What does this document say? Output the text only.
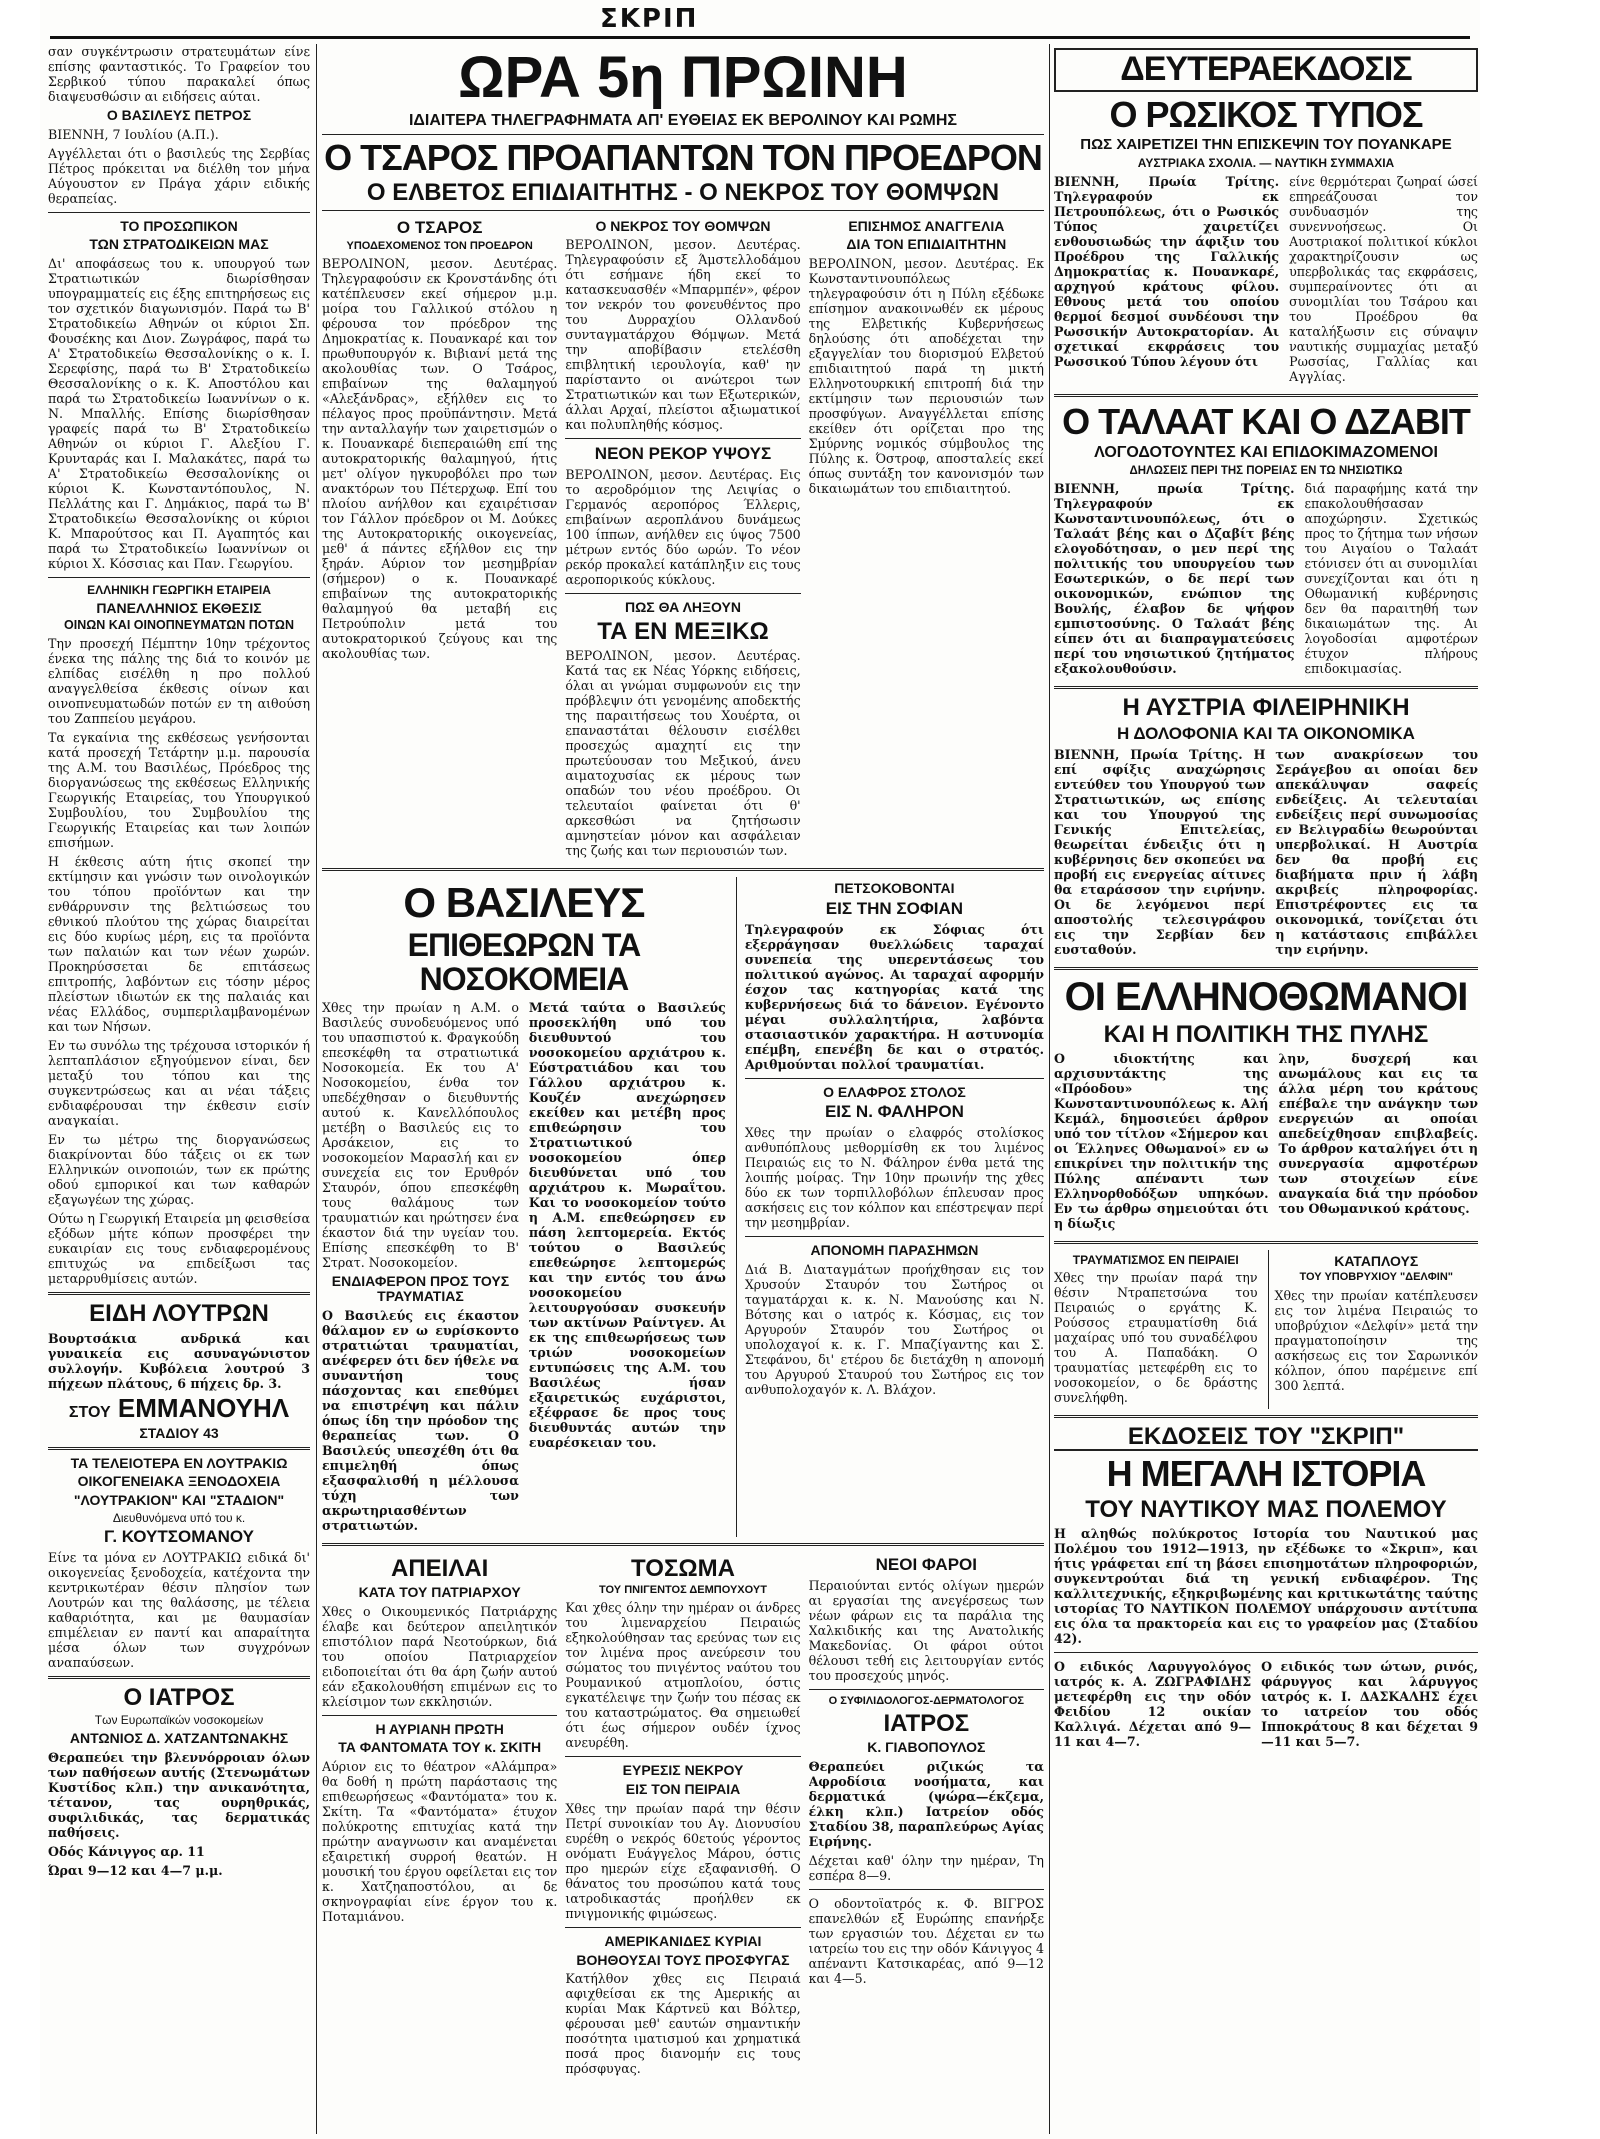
ΣΚΡΙΠ

σαν συγκέντρωσιν στρατευμάτων είνε επίσης φανταστικός. Το Γραφείον του Σερβικού τύπου παρακαλεί όπως διαψευσθώσιν αι ειδήσεις αύται.

Ο ΒΑΣΙΛΕΥΣ ΠΕΤΡΟΣ

ΒΙΕΝΝΗ, 7 Ιουλίου (Α.Π.).

Αγγέλλεται ότι ο βασιλεύς της Σερβίας Πέτρος πρόκειται να διέλθη τον μήνα Αύγουστον εν Πράγα χάριν ειδικής θεραπείας.

ΤΟ ΠΡΟΣΩΠΙΚΟΝ
ΤΩΝ ΣΤΡΑΤΟΔΙΚΕΙΩΝ ΜΑΣ

Δι' αποφάσεως του κ. υπουργού των Στρατιωτικών διωρίσθησαν υπογραμματείς εις έξης επιτηρήσεως εις τον σχετικόν διαγωνισμόν. Παρά τω Β' Στρατοδικείω Αθηνών οι κύριοι Σπ. Φουσέκης και Διον. Ζωγράφος, παρά τω Α' Στρατοδικείω Θεσσαλονίκης ο κ. Ι. Σερεφίσης, παρά τω Β' Στρατοδικείω Θεσσαλονίκης ο κ. Κ. Αποστόλου και παρά τω Στρατοδικείω Ιωαννίνων ο κ. Ν. Μπαλλής. Επίσης διωρίσθησαν γραφείς παρά τω Β' Στρατοδικείω Αθηνών οι κύριοι Γ. Αλεξίου Γ. Κρυνταράς και Ι. Μαλακάτες, παρά τω Α' Στρατοδικείω Θεσσαλονίκης οι κύριοι Κ. Κωνσταντόπουλος, Ν. Πελλάτης και Γ. Δημάκιος, παρά τω Β' Στρατοδικείω Θεσσαλονίκης οι κύριοι Κ. Μπαρούτσος και Π. Αγαπητός και παρά τω Στρατοδικείω Ιωαννίνων οι κύριοι Χ. Κόσσιας και Παν. Γεωργίου.

ΕΛΛΗΝΙΚΗ ΓΕΩΡΓΙΚΗ ΕΤΑΙΡΕΙΑ
ΠΑΝΕΛΛΗΝΙΟΣ ΕΚΘΕΣΙΣ
ΟΙΝΩΝ ΚΑΙ ΟΙΝΟΠΝΕΥΜΑΤΩΝ ΠΟΤΩΝ

Την προσεχή Πέμπτην 10ην τρέχοντος ένεκα της πάλης της διά το κοινόν με ελπίδας εισέλθη η προ πολλού αναγγελθείσα έκθεσις οίνων και οινοπνευματωδών ποτών εν τη αιθούση του Ζαππείου μεγάρου.

Τα εγκαίνια της εκθέσεως γενήσονται κατά προσεχή Τετάρτην μ.μ. παρουσία της Α.Μ. του Βασιλέως, Πρόεδρος της διοργανώσεως της εκθέσεως Ελληνικής Γεωργικής Εταιρείας, του Υπουργικού Συμβουλίου, του Συμβουλίου της Γεωργικής Εταιρείας και των λοιπών επισήμων.

Η έκθεσις αύτη ήτις σκοπεί την εκτίμησιν και γνώσιν των οινολογικών του τόπου προϊόντων και την ενθάρρυνσιν της βελτιώσεως του εθνικού πλούτου της χώρας διαιρείται εις δύο κυρίως μέρη, εις τα προϊόντα των παλαιών και των νέων χωρών. Προκηρύσσεται δε επιτάσεως επιτροπής, λαβόντων εις τόσην μέρος πλείστων ιδιωτών εκ της παλαιάς και νέας Ελλάδος, συμπεριλαμβανομένων και των Νήσων.

Εν τω συνόλω της τρέχουσα ιστορικόν ή λεπταπλάσιον εξηγούμενον είναι, δεν μεταξύ του τόπου και της συγκεντρώσεως και αι νέαι τάξεις ενδιαφέρουσαι την έκθεσιν εισίν αναγκαίαι.

Εν τω μέτρω της διοργανώσεως διακρίνονται δύο τάξεις οι εκ των Ελληνικών οινοποιών, των εκ πρώτης οδού εμπορικοί και των καθαρών εξαγωγέων της χώρας.

Ούτω η Γεωργική Εταιρεία μη φεισθείσα εξόδων μήτε κόπων προσφέρει την ευκαιρίαν εις τους ενδιαφερομένους επιτυχώς να επιδείξωσι τας μεταρρυθμίσεις αυτών.

ΕΙΔΗ ΛΟΥΤΡΩΝ

Βουρτσάκια ανδρικά και γυναικεία εις ασυναγώνιστον συλλογήν. Κυβόλεια λουτρού 3 πήχεων πλάτους, 6 πήχεις δρ. 3.

ΣΤΟΥ ΕΜΜΑΝΟΥΗΛ
ΣΤΑΔΙΟΥ 43
ΤΑ ΤΕΛΕΙΟΤΕΡΑ ΕΝ ΛΟΥΤΡΑΚΙΩ
ΟΙΚΟΓΕΝΕΙΑΚΑ ΞΕΝΟΔΟΧΕΙΑ
"ΛΟΥΤΡΑΚΙΟΝ" ΚΑΙ "ΣΤΑΔΙΟΝ"
Διευθυνόμενα υπό του κ.
Γ. ΚΟΥΤΣΟΜΑΝΟΥ

Είνε τα μόνα εν ΛΟΥΤΡΑΚΙΩ ειδικά δι' οικογενείας ξενοδοχεία, κατέχοντα την κεντρικωτέραν θέσιν πλησίον των Λουτρών και της θαλάσσης, με τέλεια καθαριότητα, και με θαυμασίαν επιμέλειαν εν παντί και απαραίτητα μέσα όλων των συγχρόνων αναπαύσεων.

Ο ΙΑΤΡΟΣ
Των Ευρωπαϊκών νοσοκομείων
ΑΝΤΩΝΙΟΣ Δ. ΧΑΤΖΑΝΤΩΝΑΚΗΣ

Θεραπεύει την βλεννόρροιαν όλων των παθήσεων αυτής (Στενωμάτων Κυστίδος κλπ.) την ανικανότητα, τέτανον, τας ουρηθρικάς, συφιλιδικάς, τας δερματικάς παθήσεις.

Οδός Κάνιγγος αρ. 11

Ώραι 9—12 και 4—7 μ.μ.

ΩΡΑ 5η ΠΡΩΙΝΗ
ΙΔΙΑΙΤΕΡΑ ΤΗΛΕΓΡΑΦΗΜΑΤΑ ΑΠ' ΕΥΘΕΙΑΣ ΕΚ ΒΕΡΟΛΙΝΟΥ ΚΑΙ ΡΩΜΗΣ
Ο ΤΣΑΡΟΣ ΠΡΟΑΠΑΝΤΩΝ ΤΟΝ ΠΡΟΕΔΡΟΝ
Ο ΕΛΒΕΤΟΣ ΕΠΙΔΙΑΙΤΗΤΗΣ - Ο ΝΕΚΡΟΣ ΤΟΥ ΘΟΜΨΩΝ
Ο ΤΣΑΡΟΣ
ΥΠΟΔΕΧΟΜΕΝΟΣ ΤΟΝ ΠΡΟΕΔΡΟΝ

ΒΕΡΟΛΙΝΟΝ, μεσον. Δευτέρας. Τηλεγραφούσιν εκ Κρονστάνδης ότι κατέπλευσεν εκεί σήμερον μ.μ. μοίρα του Γαλλικού στόλου η φέρουσα τον πρόεδρον της Δημοκρατίας κ. Πουανκαρέ και τον πρωθυπουργόν κ. Βιβιανί μετά της ακολουθίας των. Ο Τσάρος, επιβαίνων της θαλαμηγού «Αλεξάνδρας», εξήλθεν εις το πέλαγος προς προϋπάντησιν. Μετά την ανταλλαγήν των χαιρετισμών ο κ. Πουανκαρέ διεπεραιώθη επί της αυτοκρατορικής θαλαμηγού, ήτις μετ' ολίγον ηγκυροβόλει προ των ανακτόρων του Πέτερχωφ. Επί του πλοίου ανήλθον και εχαιρέτισαν τον Γάλλον πρόεδρον οι Μ. Δούκες της Αυτοκρατορικής οικογενείας, μεθ' ά πάντες εξήλθον εις την ξηράν. Αύριον τον μεσημβρίαν (σήμερον) ο κ. Πουανκαρέ επιβαίνων της αυτοκρατορικής θαλαμηγού θα μεταβή εις Πετρούπολιν μετά του αυτοκρατορικού ζεύγους και της ακολουθίας των.

Ο ΝΕΚΡΟΣ ΤΟΥ ΘΟΜΨΩΝ

ΒΕΡΟΛΙΝΟΝ, μεσον. Δευτέρας. Τηλεγραφούσιν εξ Άμστελλοδάμου ότι εσήμανε ήδη εκεί το κατασκευασθέν «Μπαρμπέν», φέρον τον νεκρόν του φονευθέντος προ του Δυρραχίου Ολλανδού συνταγματάρχου Θόμψων. Μετά την αποβίβασιν ετελέσθη επιβλητική ιερουλογία, καθ' ην παρίσταντο οι ανώτεροι των Στρατιωτικών και των Εξωτερικών, άλλαι Αρχαί, πλείστοι αξιωματικοί και πολυπληθής κόσμος.

ΝΕΟΝ ΡΕΚΟΡ ΥΨΟΥΣ

ΒΕΡΟΛΙΝΟΝ, μεσον. Δευτέρας. Εις το αεροδρόμιον της Λειψίας ο Γερμανός αεροπόρος Έλλερις, επιβαίνων αεροπλάνου δυνάμεως 100 ίππων, ανήλθεν εις ύψος 7500 μέτρων εντός δύο ωρών. Το νέον ρεκόρ προκαλεί κατάπληξιν εις τους αεροπορικούς κύκλους.

ΠΩΣ ΘΑ ΛΗΞΟΥΝ
ΤΑ ΕΝ ΜΕΞΙΚΩ

ΒΕΡΟΛΙΝΟΝ, μεσον. Δευτέρας. Κατά τας εκ Νέας Υόρκης ειδήσεις, όλαι αι γνώμαι συμφωνούν εις την πρόβλεψιν ότι γενομένης αποδεκτής της παραιτήσεως του Χουέρτα, οι επαναστάται θέλουσιν εισέλθει προσεχώς αμαχητί εις την πρωτεύουσαν του Μεξικού, άνευ αιματοχυσίας εκ μέρους των οπαδών του νέου προέδρου. Οι τελευταίοι φαίνεται ότι θ' αρκεσθώσι να ζητήσωσιν αμνηστείαν μόνον και ασφάλειαν της ζωής και των περιουσιών των.

ΕΠΙΣΗΜΟΣ ΑΝΑΓΓΕΛΙΑ
ΔΙΑ ΤΟΝ ΕΠΙΔΙΑΙΤΗΤΗΝ

ΒΕΡΟΛΙΝΟΝ, μεσον. Δευτέρας. Εκ Κωνσταντινουπόλεως τηλεγραφούσιν ότι η Πύλη εξέδωκε επίσημον ανακοινωθέν εκ μέρους της Ελβετικής Κυβερνήσεως δηλούσης ότι αποδέχεται την εξαγγελίαν του διορισμού Ελβετού επιδιαιτητού παρά τη μικτή Ελληνοτουρκική επιτροπή διά την εκτίμησιν των περιουσιών των προσφύγων. Αναγγέλλεται επίσης εκείθεν ότι ορίζεται προ της Σμύρνης νομικός σύμβουλος της Πύλης κ. Όστροφ, αποσταλείς εκεί όπως συντάξη τον κανονισμόν των δικαιωμάτων του επιδιαιτητού.

Ο ΒΑΣΙΛΕΥΣ
ΕΠΙΘΕΩΡΩΝ ΤΑ ΝΟΣΟΚΟΜΕΙΑ

Χθες την πρωίαν η Α.Μ. ο Βασιλεύς συνοδευόμενος υπό του υπασπιστού κ. Φραγκούδη επεσκέφθη τα στρατιωτικά Νοσοκομεία. Εκ του Α' Νοσοκομείου, ένθα τον υπεδέχθησαν ο διευθυντής αυτού κ. Κανελλόπουλος μετέβη ο Βασιλεύς εις το Αρσάκειον, εις το νοσοκομείον Μαρασλή και εν συνεχεία εις τον Ερυθρόν Σταυρόν, όπου επεσκέφθη τους θαλάμους των τραυματιών και ηρώτησεν ένα έκαστον διά την υγείαν του. Επίσης επεσκέφθη το Β' Στρατ. Νοσοκομείον.

ΕΝΔΙΑΦΕΡΟΝ ΠΡΟΣ ΤΟΥΣ ΤΡΑΥΜΑΤΙΑΣ

Ο Βασιλεύς εις έκαστον θάλαμον εν ω ευρίσκοντο στρατιώται τραυματίαι, ανέφερεν ότι δεν ήθελε να συναντήση τους πάσχοντας και επεθύμει να επιστρέψη και πάλιν όπως ίδη την πρόοδον της θεραπείας των. Ο Βασιλεύς υπεσχέθη ότι θα επιμεληθή όπως εξασφαλισθή η μέλλουσα τύχη των ακρωτηριασθέντων στρατιωτών.

Μετά ταύτα ο Βασιλεύς προσεκλήθη υπό του διευθυντού του νοσοκομείου αρχιάτρου κ. Εύστρατιάδου και του Γάλλου αρχιάτρου κ. Κουζέν ανεχώρησεν εκείθεν και μετέβη προς επιθεώρησιν του Στρατιωτικού νοσοκομείου όπερ διευθύνεται υπό του αρχιάτρου κ. Μωραΐτου. Και το νοσοκομείον τούτο η Α.Μ. επεθεώρησεν εν πάση λεπτομερεία. Εκτός τούτου ο Βασιλεύς επεθεώρησε λεπτομερώς και την εντός του άνω νοσοκομείου λειτουργούσαν συσκευήν των ακτίνων Ραίντγεν. Αι εκ της επιθεωρήσεως των τριών νοσοκομείων εντυπώσεις της Α.Μ. του Βασιλέως ήσαν εξαιρετικώς ευχάριστοι, εξέφρασε δε προς τους διευθυντάς αυτών την ευαρέσκειαν του.

ΠΕΤΣΟΚΟΒΟΝΤΑΙ
ΕΙΣ ΤΗΝ ΣΟΦΙΑΝ

Τηλεγραφούν εκ Σόφιας ότι εξερράγησαν θυελλώδεις ταραχαί συνεπεία της υπερεντάσεως του πολιτικού αγώνος. Αι ταραχαί αφορμήν έσχον τας κατηγορίας κατά της κυβερνήσεως διά το δάνειον. Εγένοντο μέγαι συλλαλητήρια, λαβόντα στασιαστικόν χαρακτήρα. Η αστυνομία επέμβη, επενέβη δε και ο στρατός. Αριθμούνται πολλοί τραυματίαι.

Ο ΕΛΑΦΡΟΣ ΣΤΟΛΟΣ
ΕΙΣ Ν. ΦΑΛΗΡΟΝ

Χθες την πρωίαν ο ελαφρός στολίσκος ανθυπόπλους μεθορμίσθη εκ του λιμένος Πειραιώς εις το Ν. Φάληρον ένθα μετά της λοιπής μοίρας. Την 10ην πρωινήν της χθες δύο εκ των τορπιλλοβόλων έπλευσαν προς ασκήσεις εις τον κόλπον και επέστρεψαν περί την μεσημβρίαν.

ΑΠΟΝΟΜΗ ΠΑΡΑΣΗΜΩΝ

Διά Β. Διαταγμάτων προήχθησαν εις τον Χρυσούν Σταυρόν του Σωτήρος οι ταγματάρχαι κ. κ. Ν. Μανούσης και Ν. Βότσης και ο ιατρός κ. Κόσμας, εις τον Αργυρούν Σταυρόν του Σωτήρος οι υπολοχαγοί κ. κ. Γ. Μπαζίγαντης και Σ. Στεφάνου, δι' ετέρου δε διετάχθη η απονομή του Αργυρού Σταυρού του Σωτήρος εις τον ανθυπολοχαγόν κ. Λ. Βλάχον.

ΑΠΕΙΛΑΙ
ΚΑΤΑ ΤΟΥ ΠΑΤΡΙΑΡΧΟΥ

Χθες ο Οικουμενικός Πατριάρχης έλαβε και δεύτερον απειλητικόν επιστόλιον παρά Νεοτούρκων, διά του οποίου Πατριαρχείον ειδοποιείται ότι θα άρη ζωήν αυτού εάν εξακολουθήση επιμένων εις το κλείσιμον των εκκλησιών.

Η ΑΥΡΙΑΝΗ ΠΡΩΤΗ
ΤΑ ΦΑΝΤΟΜΑΤΑ ΤΟΥ κ. ΣΚΙΤΗ

Αύριον εις το θέατρον «Αλάμπρα» θα δοθή η πρώτη παράστασις της επιθεωρήσεως «Φαντόματα» του κ. Σκίτη. Τα «Φαντόματα» έτυχον πολύκροτης επιτυχίας κατά την πρώτην αναγνωσιν και αναμένεται εξαιρετική συρροή θεατών. Η μουσική του έργου οφείλεται εις τον κ. Χατζηαποστόλου, αι δε σκηνογραφίαι είνε έργον του κ. Ποταμιάνου.

ΤΟΣΩΜΑ
ΤΟΥ ΠΝΙΓΕΝΤΟΣ ΔΕΜΠΟΥΧΟΥΤ

Και χθες όλην την ημέραν οι άνδρες του λιμεναρχείου Πειραιώς εξηκολούθησαν τας ερεύνας των εις τον λιμένα προς ανεύρεσιν του σώματος του πνιγέντος ναύτου του Ρουμανικού ατμοπλοίου, όστις εγκατέλειψε την ζωήν του πέσας εκ του καταστρώματος. Θα σημειωθεί ότι έως σήμερον ουδέν ίχνος ανευρέθη.

ΕΥΡΕΣΙΣ ΝΕΚΡΟΥ
ΕΙΣ ΤΟΝ ΠΕΙΡΑΙΑ

Χθες την πρωίαν παρά την θέσιν Πετρί συνοικίαν του Αγ. Διονυσίου ευρέθη ο νεκρός 60ετούς γέροντος ονόματι Ευάγγελος Μάρου, όστις προ ημερών είχε εξαφανισθή. Ο θάνατος του προσώπου κατά τους ιατροδικαστάς προήλθεν εκ πνιγμονικής φιμώσεως.

ΑΜΕΡΙΚΑΝΙΔΕΣ ΚΥΡΙΑΙ
ΒΟΗΘΟΥΣΑΙ ΤΟΥΣ ΠΡΟΣΦΥΓΑΣ

Κατήλθον χθες εις Πειραιά αφιχθείσαι εκ της Αμερικής αι κυρίαι Μακ Κάρτνεϋ και Βόλτερ, φέρουσαι μεθ' εαυτών σημαντικήν ποσότητα ιματισμού και χρηματικά ποσά προς διανομήν εις τους πρόσφυγας.

ΝΕΟΙ ΦΑΡΟΙ

Περαιούνται εντός ολίγων ημερών αι εργασίαι της ανεγέρσεως των νέων φάρων εις τα παράλια της Χαλκιδικής και της Ανατολικής Μακεδονίας. Οι φάροι ούτοι θέλουσι τεθή εις λειτουργίαν εντός του προσεχούς μηνός.

Ο ΣΥΦΙΛΙΔΟΛΟΓΟΣ-ΔΕΡΜΑΤΟΛΟΓΟΣ
ΙΑΤΡΟΣ
Κ. ΓΙΑΒΟΠΟΥΛΟΣ

Θεραπεύει ριζικώς τα Αφροδίσια νοσήματα, και δερματικά (ψώρα—έκζεμα, έλκη κλπ.) Ιατρείον οδός Σταδίου 38, παραπλεύρως Αγίας Ειρήνης.

Δέχεται καθ' όλην την ημέραν, Τη εσπέρα 8—9.

Ο οδοντοϊατρός κ. Φ. ΒΙΓΡΟΣ επανελθών εξ Ευρώπης επανήρξε των εργασιών του. Δέχεται εν τω ιατρείω του εις την οδόν Κάνιγγος 4 απέναντι Κατσικαρέας, από 9—12 και 4—5.

ΔΕΥΤΕΡΑΕΚΔΟΣΙΣ
Ο ΡΩΣΙΚΟΣ ΤΥΠΟΣ
ΠΩΣ ΧΑΙΡΕΤΙΖΕΙ ΤΗΝ ΕΠΙΣΚΕΨΙΝ ΤΟΥ ΠΟΥΑΝΚΑΡΕ
ΑΥΣΤΡΙΑΚΑ ΣΧΟΛΙΑ. — ΝΑΥΤΙΚΗ ΣΥΜΜΑΧΙΑ

ΒΙΕΝΝΗ, Πρωία Τρίτης. Τηλεγραφούν εκ Πετρουπόλεως, ότι ο Ρωσικός Τύπος χαιρετίζει ενθουσιωδώς την άφιξιν του Προέδρου της Γαλλικής Δημοκρατίας κ. Πουανκαρέ, αρχηγού κράτους φίλου. Εθνους μετά του οποίου θερμοί δεσμοί συνδέουσι την Ρωσσικήν Αυτοκρατορίαν. Αι σχετικαί εκφράσεις του Ρωσσικού Τύπου λέγουν ότι

είνε θερμότεραι ζωηραί ώσεί επηρεάζουσαι τον συνδυασμόν της συνεννοήσεως. Οι Αυστριακοί πολιτικοί κύκλοι χαρακτηρίζουσιν ως υπερβολικάς τας εκφράσεις, συμπεραίνοντες ότι αι συνομιλίαι του Τσάρου και του Προέδρου θα καταλήξωσιν εις σύναψιν ναυτικής συμμαχίας μεταξύ Ρωσσίας, Γαλλίας και Αγγλίας.

Ο ΤΑΛΑΑΤ ΚΑΙ Ο ΔΖΑΒΙΤ
ΛΟΓΟΔΟΤΟΥΝΤΕΣ ΚΑΙ ΕΠΙΔΟΚΙΜΑΖΟΜΕΝΟΙ
ΔΗΛΩΣΕΙΣ ΠΕΡΙ ΤΗΣ ΠΟΡΕΙΑΣ ΕΝ ΤΩ ΝΗΣΙΩΤΙΚΩ

ΒΙΕΝΝΗ, πρωία Τρίτης. Τηλεγραφούν εκ Κωνσταντινουπόλεως, ότι ο Ταλαάτ βέης και ο Δζαβίτ βέης ελογοδότησαν, ο μεν περί της πολιτικής του υπουργείου των Εσωτερικών, ο δε περί των οικονομικών, ενώπιον της Βουλής, έλαβον δε ψήφον εμπιστοσύνης. Ο Ταλαάτ βέης είπεν ότι αι διαπραγματεύσεις περί του νησιωτικού ζητήματος εξακολουθούσιν.

διά παραφήμης κατά την επακολουθήσασαν αποχώρησιν. Σχετικώς προς το ζήτημα των νήσων του Αιγαίου ο Ταλαάτ ετόνισεν ότι αι συνομιλίαι συνεχίζονται και ότι η Οθωμανική κυβέρνησις δεν θα παραιτηθή των δικαιωμάτων της. Αι λογοδοσίαι αμφοτέρων έτυχον πλήρους επιδοκιμασίας.

Η ΑΥΣΤΡΙΑ ΦΙΛΕΙΡΗΝΙΚΗ
Η ΔΟΛΟΦΟΝΙΑ ΚΑΙ ΤΑ ΟΙΚΟΝΟΜΙΚΑ

ΒΙΕΝΝΗ, Πρωία Τρίτης. Η επί σφίξις αναχώρησις εντεύθεν του Υπουργού των Στρατιωτικών, ως επίσης και του Υπουργού της Γενικής Επιτελείας, θεωρείται ένδειξις ότι η κυβέρνησις δεν σκοπεύει να προβή εις ενεργείας αίτινες θα εταράσσον την ειρήνην. Οι δε λεγόμενοι περί αποστολής τελεσιγράφου εις την Σερβίαν δεν ευσταθούν.

των ανακρίσεων του Σεράγεβου αι οποίαι δεν απεκάλυψαν σαφείς ενδείξεις. Αι τελευταίαι ενδείξεις περί συνωμοσίας εν Βελιγραδίω θεωρούνται υπερβολικαί. Η Αυστρία δεν θα προβή εις διαβήματα πριν ή λάβη ακριβείς πληροφορίας. Επιστρέφοντες εις τα οικονομικά, τονίζεται ότι η κατάστασις επιβάλλει την ειρήνην.

ΟΙ ΕΛΛΗΝΟΘΩΜΑΝΟΙ
ΚΑΙ Η ΠΟΛΙΤΙΚΗ ΤΗΣ ΠΥΛΗΣ

Ο ιδιοκτήτης και αρχισυντάκτης της «Πρόοδου» της Κωνσταντινουπόλεως κ. Αλή Κεμάλ, δημοσιεύει άρθρον υπό τον τίτλον «Σήμερον και οι Έλληνες Οθωμανοί» εν ω επικρίνει την πολιτικήν της Πύλης απέναντι των Ελληνορθοδόξων υπηκόων. Εν τω άρθρω σημειούται ότι η δίωξις

λην, δυσχερή και ανωμάλους και εις τα άλλα μέρη του κράτους επέβαλε την ανάγκην των ενεργειών αι οποίαι απεδείχθησαν επιβλαβείς. Το άρθρον καταλήγει ότι η συνεργασία αμφοτέρων των στοιχείων είνε αναγκαία διά την πρόοδον του Οθωμανικού κράτους.

ΤΡΑΥΜΑΤΙΣΜΟΣ ΕΝ ΠΕΙΡΑΙΕΙ

Χθες την πρωίαν παρά την θέσιν Ντραπετσώνα του Πειραιώς ο εργάτης Κ. Ρούσσος ετραυματίσθη διά μαχαίρας υπό του συναδέλφου του Α. Παπαδάκη. Ο τραυματίας μετεφέρθη εις το νοσοκομείον, ο δε δράστης συνελήφθη.

ΚΑΤΑΠΛΟΥΣ
ΤΟΥ ΥΠΟΒΡΥΧΙΟΥ "ΔΕΛΦΙΝ"

Χθες την πρωίαν κατέπλευσεν εις τον λιμένα Πειραιώς το υποβρύχιον «Δελφίν» μετά την πραγματοποίησιν της ασκήσεως εις τον Σαρωνικόν κόλπον, όπου παρέμεινε επί 300 λεπτά.

ΕΚΔΟΣΕΙΣ ΤΟΥ "ΣΚΡΙΠ"
Η ΜΕΓΑΛΗ ΙΣΤΟΡΙΑ
ΤΟΥ ΝΑΥΤΙΚΟΥ ΜΑΣ ΠΟΛΕΜΟΥ

Η αληθώς πολύκροτος Ιστορία του Ναυτικού μας Πολέμου του 1912—1913, ην εξέδωκε το «Σκριπ», και ήτις γράφεται επί τη βάσει επισημοτάτων πληροφοριών, συγκεντρούται διά τη γενική ενδιαφέρον. Της καλλιτεχνικής, εξηκριβωμένης και κριτικωτάτης ταύτης ιστορίας ΤΟ ΝΑΥΤΙΚΟΝ ΠΟΛΕΜΟΥ υπάρχουσιν αντίτυπα εις όλα τα πρακτορεία και εις το γραφείον μας (Σταδίου 42).

Ο ειδικός Λαρυγγολόγος ιατρός κ. Α. ΖΩΓΡΑΦΙΔΗΣ μετεφέρθη εις την οδόν Φειδίου 12 οικίαν Καλλιγά. Δέχεται από 9—11 και 4—7.

Ο ειδικός των ώτων, ρινός, φάρυγγος και λάρυγγος ιατρός κ. Ι. ΔΑΣΚΑΛΗΣ έχει το ιατρείον του οδός Ιπποκράτους 8 και δέχεται 9—11 και 5—7.
